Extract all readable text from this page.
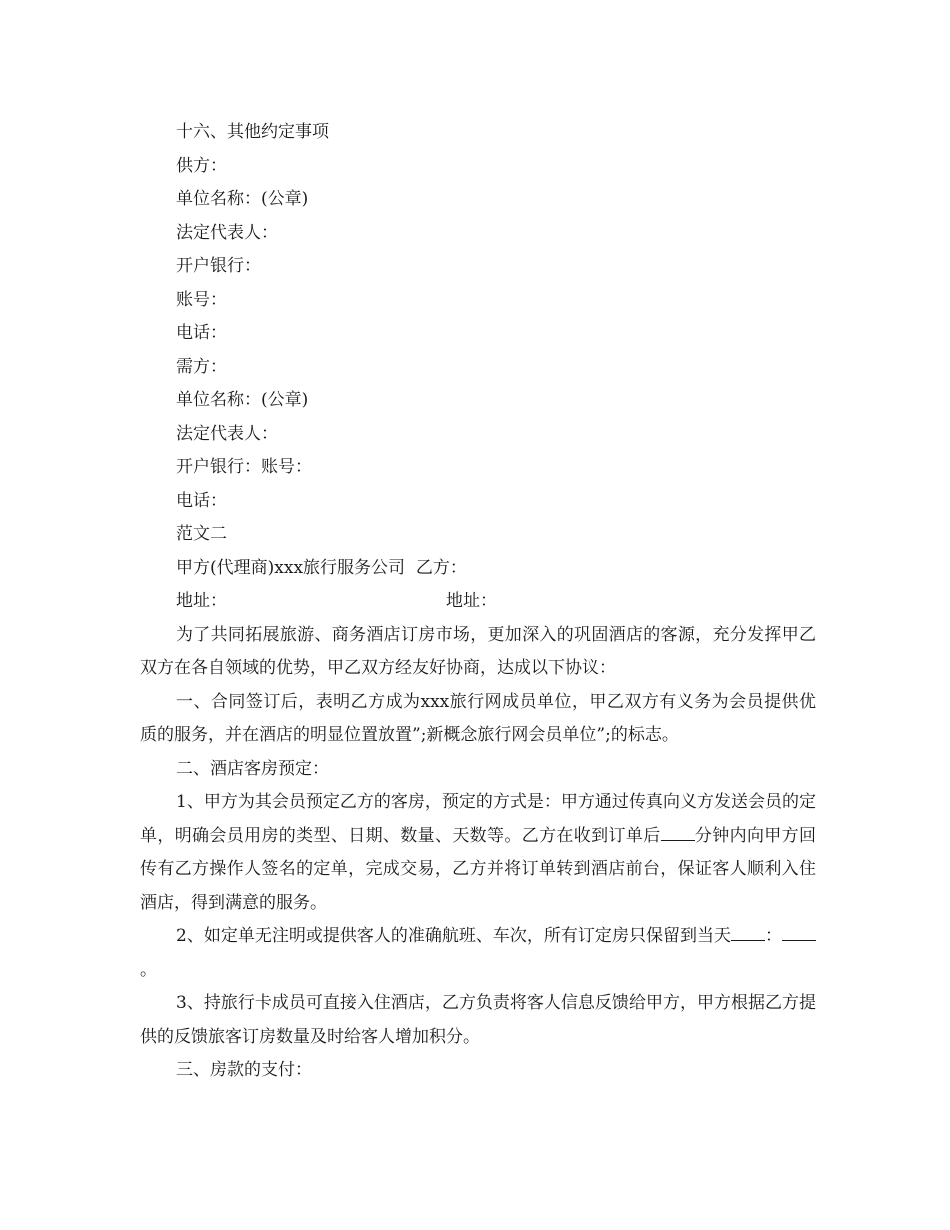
十六、其他约定事项
供方：
单位名称：(公章)
法定代表人：
开户银行：
账号：
电话：
需方：
单位名称：(公章)
法定代表人：
开户银行：账号：
电话：
范文二
甲方(代理商)xxx旅行服务公司 乙方：
地址：	地址：

为了共同拓展旅游、商务酒店订房市场，更加深入的巩固酒店的客源，充分发挥甲乙双方在各自领域的优势，甲乙双方经友好协商，达成以下协议：

一、合同签订后，表明乙方成为xxx旅行网成员单位，甲乙双方有义务为会员提供优质的服务，并在酒店的明显位置放置”;新概念旅行网会员单位”;的标志。

二、酒店客房预定：

1、甲方为其会员预定乙方的客房，预定的方式是：甲方通过传真向义方发送会员的定单，明确会员用房的类型、日期、数量、天数等。乙方在收到订单后 分钟内向甲方回传有乙方操作人签名的定单，完成交易，乙方并将订单转到酒店前台，保证客人顺利入住酒店，得到满意的服务。

2、如定单无注明或提供客人的准确航班、车次，所有订定房只保留到当天 ：。

3、持旅行卡成员可直接入住酒店，乙方负责将客人信息反馈给甲方，甲方根据乙方提供的反馈旅客订房数量及时给客人增加积分。

三、房款的支付：
